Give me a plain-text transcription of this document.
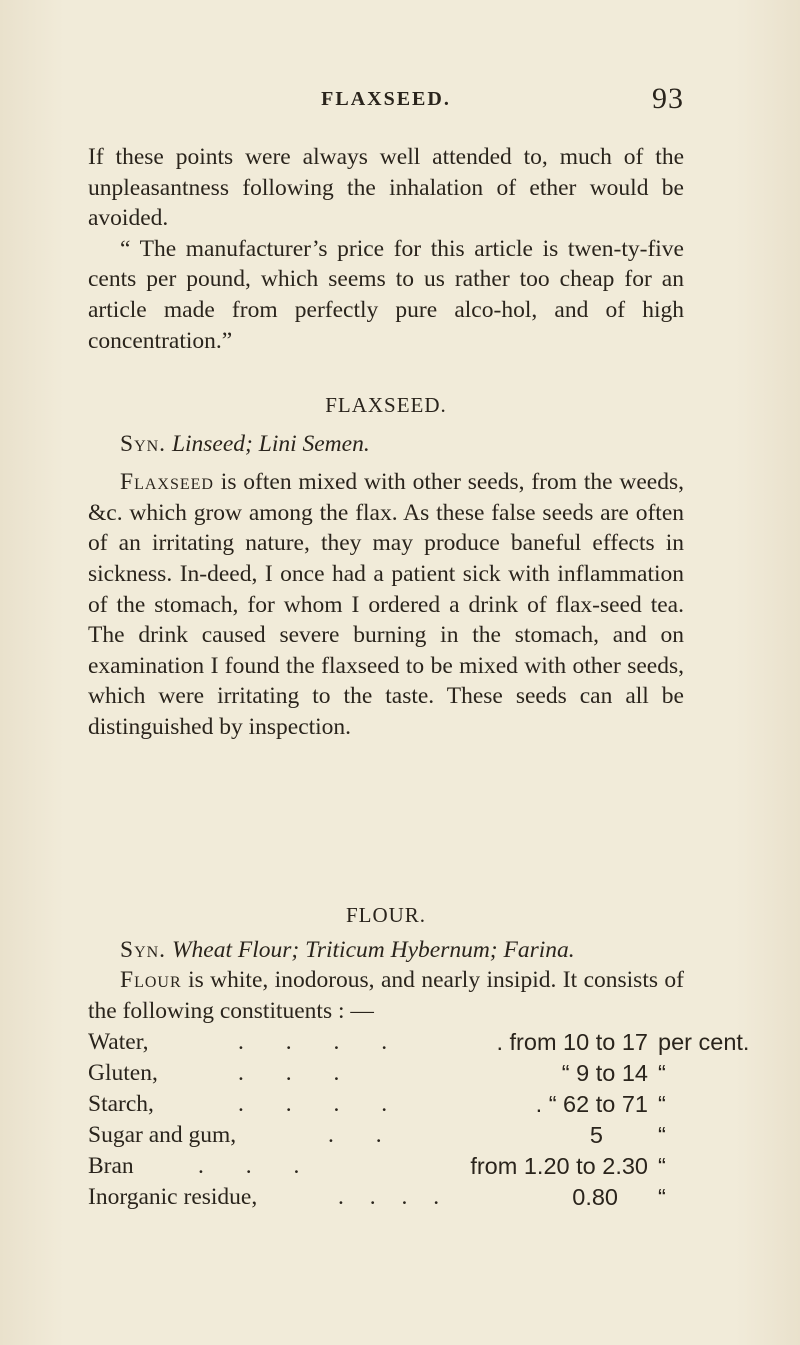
FLAXSEED.	93

If these points were always well attended to, much of the unpleasantness following the inhalation of ether would be avoided.

“ The manufacturer’s price for this article is twen-ty-five cents per pound, which seems to us rather too cheap for an article made from perfectly pure alco-hol, and of high concentration.”

FLAXSEED.

Syn. Linseed; Lini Semen.

Flaxseed is often mixed with other seeds, from the weeds, &c. which grow among the flax. As these false seeds are often of an irritating nature, they may produce baneful effects in sickness. In-deed, I once had a patient sick with inflammation of the stomach, for whom I ordered a drink of flax-seed tea. The drink caused severe burning in the stomach, and on examination I found the flaxseed to be mixed with other seeds, which were irritating to the taste. These seeds can all be distinguished by inspection.

FLOUR.

Syn. Wheat Flour; Triticum Hybernum; Farina.

Flour is white, inodorous, and nearly insipid. It consists of the following constituents : —

Water,	. . . .	. from 10 to 17 per cent.
Gluten,	. . .	“ 9 to 14 “
Starch,	. . . .	. “ 62 to 71 “
Sugar and gum,	. .	5	“
Bran	. . .	from 1.20 to 2.30 “
Inorganic residue,	. . . .	0.80	“
